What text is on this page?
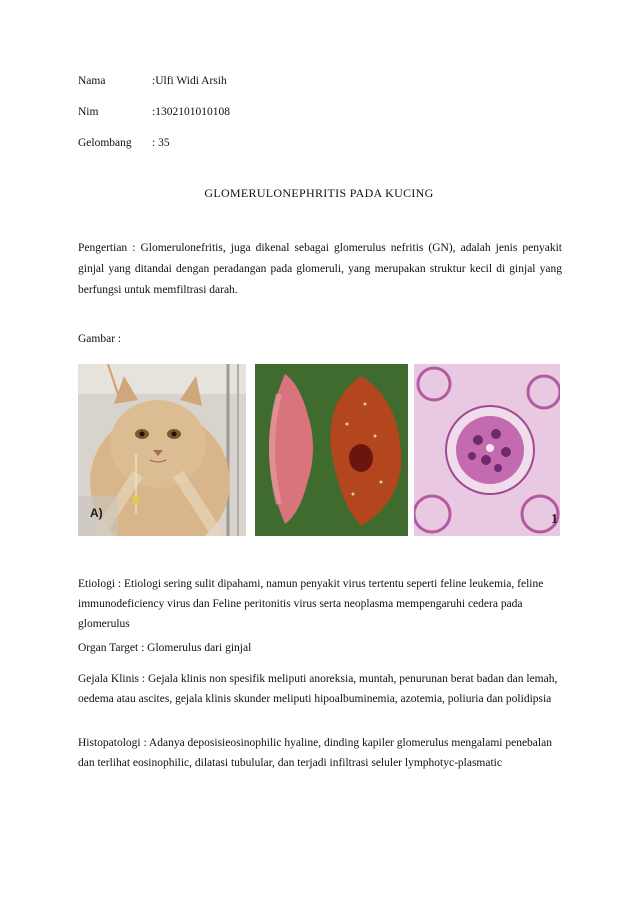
Nama	:Ulfi Widi Arsih
Nim	:1302101010108
Gelombang : 35
GLOMERULONEPHRITIS PADA KUCING
Pengertian : Glomerulonefritis, juga dikenal sebagai glomerulus nefritis (GN), adalah jenis penyakit ginjal yang ditandai dengan peradangan pada glomeruli, yang merupakan struktur kecil di ginjal yang berfungsi untuk memfiltrasi darah.
Gambar :
A)	1
Etiologi : Etiologi sering sulit dipahami, namun penyakit virus tertentu seperti feline leukemia, feline immunodeficiency virus dan Feline peritonitis virus serta neoplasma mempengaruhi cedera pada glomerulus
Organ Target : Glomerulus dari ginjal
Gejala Klinis : Gejala klinis non spesifik meliputi anoreksia, muntah, penurunan berat badan dan lemah, oedema atau ascites, gejala klinis skunder meliputi hipoalbuminemia, azotemia, poliuria dan polidipsia
Histopatologi : Adanya deposisieosinophilic hyaline, dinding kapiler glomerulus mengalami penebalan dan terlihat eosinophilic, dilatasi tubulular, dan terjadi infiltrasi seluler lymphotyc-plasmatic
